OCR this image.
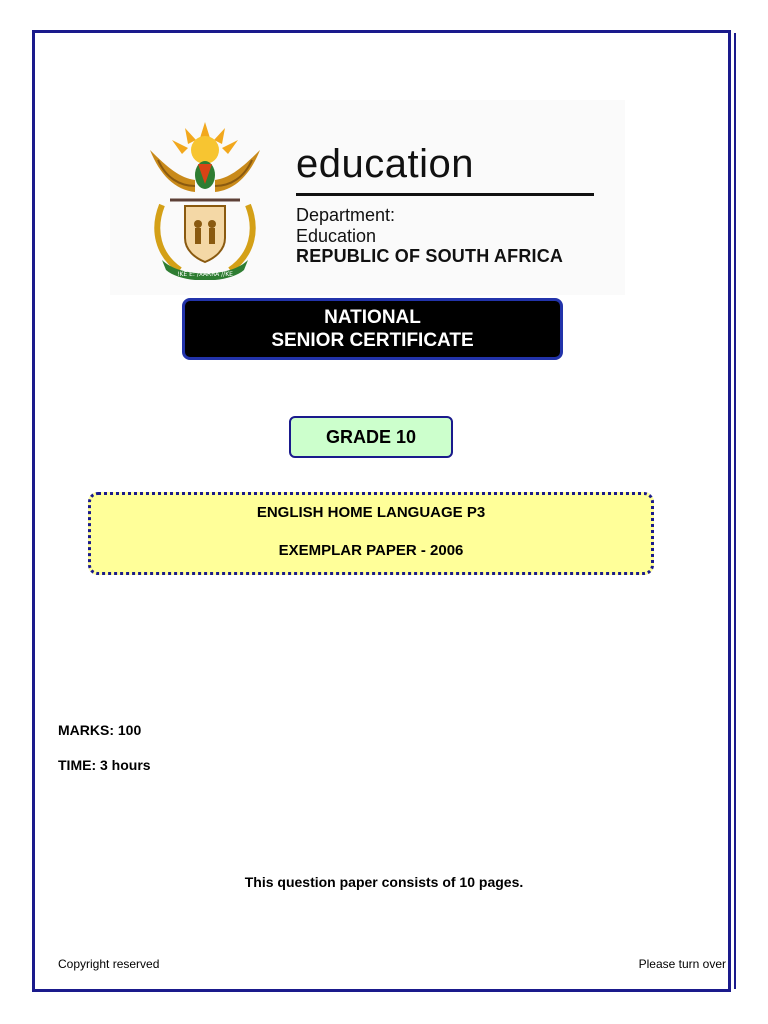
!KE E: /XARRA //KE
education
Department:
Education
REPUBLIC OF SOUTH AFRICA
NATIONAL
SENIOR CERTIFICATE
GRADE 10
ENGLISH HOME LANGUAGE P3
EXEMPLAR PAPER - 2006
MARKS: 100
TIME: 3 hours
This question paper consists of 10 pages.
Copyright reserved	Please turn over
